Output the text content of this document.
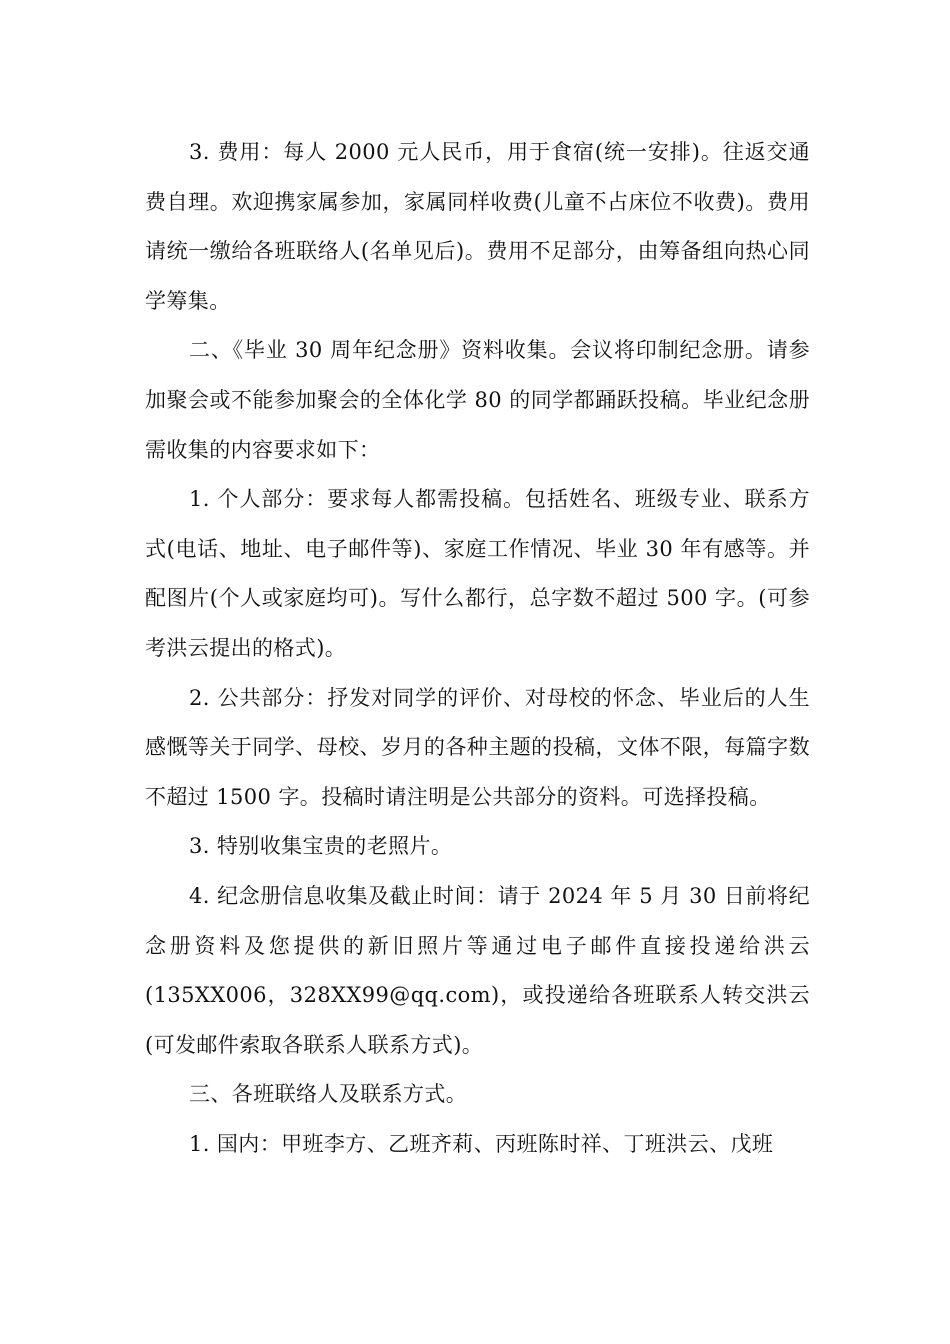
3. 费用：每人 2000 元人民币，用于食宿(统一安排)。往返交通费自理。欢迎携家属参加，家属同样收费(儿童不占床位不收费)。费用请统一缴给各班联络人(名单见后)。费用不足部分，由筹备组向热心同学筹集。

二、《毕业 30 周年纪念册》资料收集。会议将印制纪念册。请参加聚会或不能参加聚会的全体化学 80 的同学都踊跃投稿。毕业纪念册需收集的内容要求如下：

1. 个人部分：要求每人都需投稿。包括姓名、班级专业、联系方式(电话、地址、电子邮件等)、家庭工作情况、毕业 30 年有感等。并配图片(个人或家庭均可)。写什么都行，总字数不超过 500 字。(可参考洪云提出的格式)。

2. 公共部分：抒发对同学的评价、对母校的怀念、毕业后的人生感慨等关于同学、母校、岁月的各种主题的投稿，文体不限，每篇字数不超过 1500 字。投稿时请注明是公共部分的资料。可选择投稿。

3. 特别收集宝贵的老照片。

4. 纪念册信息收集及截止时间：请于 2024 年 5 月 30 日前将纪念册资料及您提供的新旧照片等通过电子邮件直接投递给洪云(135XX006，328XX99@qq.com)，或投递给各班联系人转交洪云(可发邮件索取各联系人联系方式)。

三、各班联络人及联系方式。

1. 国内：甲班李方、乙班齐莉、丙班陈时祥、丁班洪云、戊班
